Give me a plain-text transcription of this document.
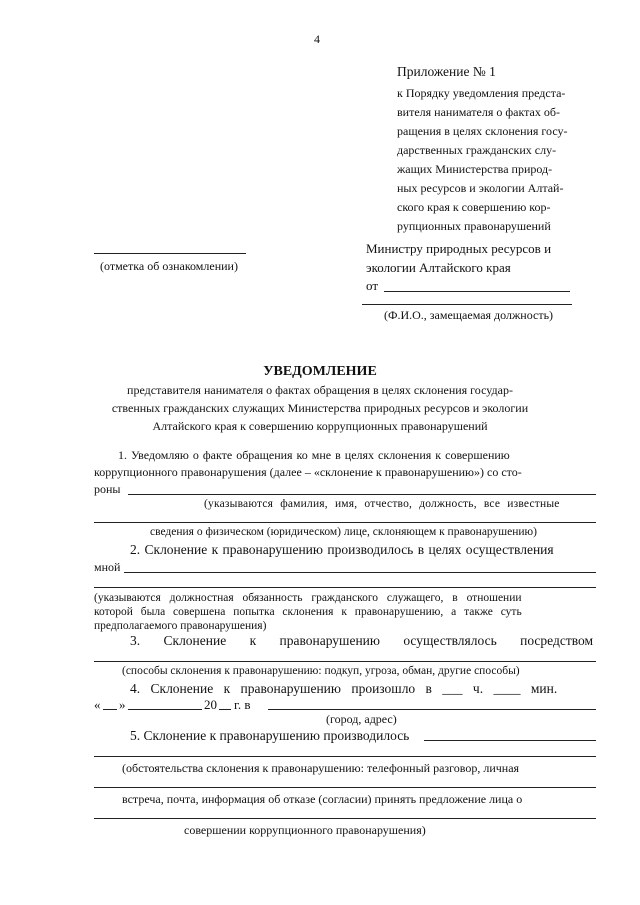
4
Приложение № 1
к Порядку уведомления предста-
вителя нанимателя о фактах об-
ращения в целях склонения госу-
дарственных гражданских слу-
жащих Министерства природ-
ных ресурсов и экологии Алтай-
ского края к совершению кор-
рупционных правонарушений
(отметка об ознакомлении)
Министру природных ресурсов и
экологии Алтайского края
от
(Ф.И.О., замещаемая должность)
УВЕДОМЛЕНИЕ
представителя нанимателя о фактах обращения в целях склонения государ-
ственных гражданских служащих Министерства природных ресурсов и экологии
Алтайского края к совершению коррупционных правонарушений
1. Уведомляю о факте обращения ко мне в целях склонения к совершению
коррупционного правонарушения (далее – «склонение к правонарушению») со сто-
роны
(указываются фамилия, имя, отчество, должность, все известные
сведения о физическом (юридическом) лице, склоняющем к правонарушению)
2. Склонение к правонарушению производилось в целях осуществления
мной
(указываются должностная обязанность гражданского служащего, в отношении
которой была совершена попытка склонения к правонарушению, а также суть
предполагаемого правонарушения)
3. Склонение к правонарушению осуществлялось посредством
(способы склонения к правонарушению: подкуп, угроза, обман, другие способы)
4. Склонение к правонарушению произошло в ___ ч. ____ мин.
« »	20 г. в
(город, адрес)
5. Склонение к правонарушению производилось
(обстоятельства склонения к правонарушению: телефонный разговор, личная
встреча, почта, информация об отказе (согласии) принять предложение лица о
совершении коррупционного правонарушения)
